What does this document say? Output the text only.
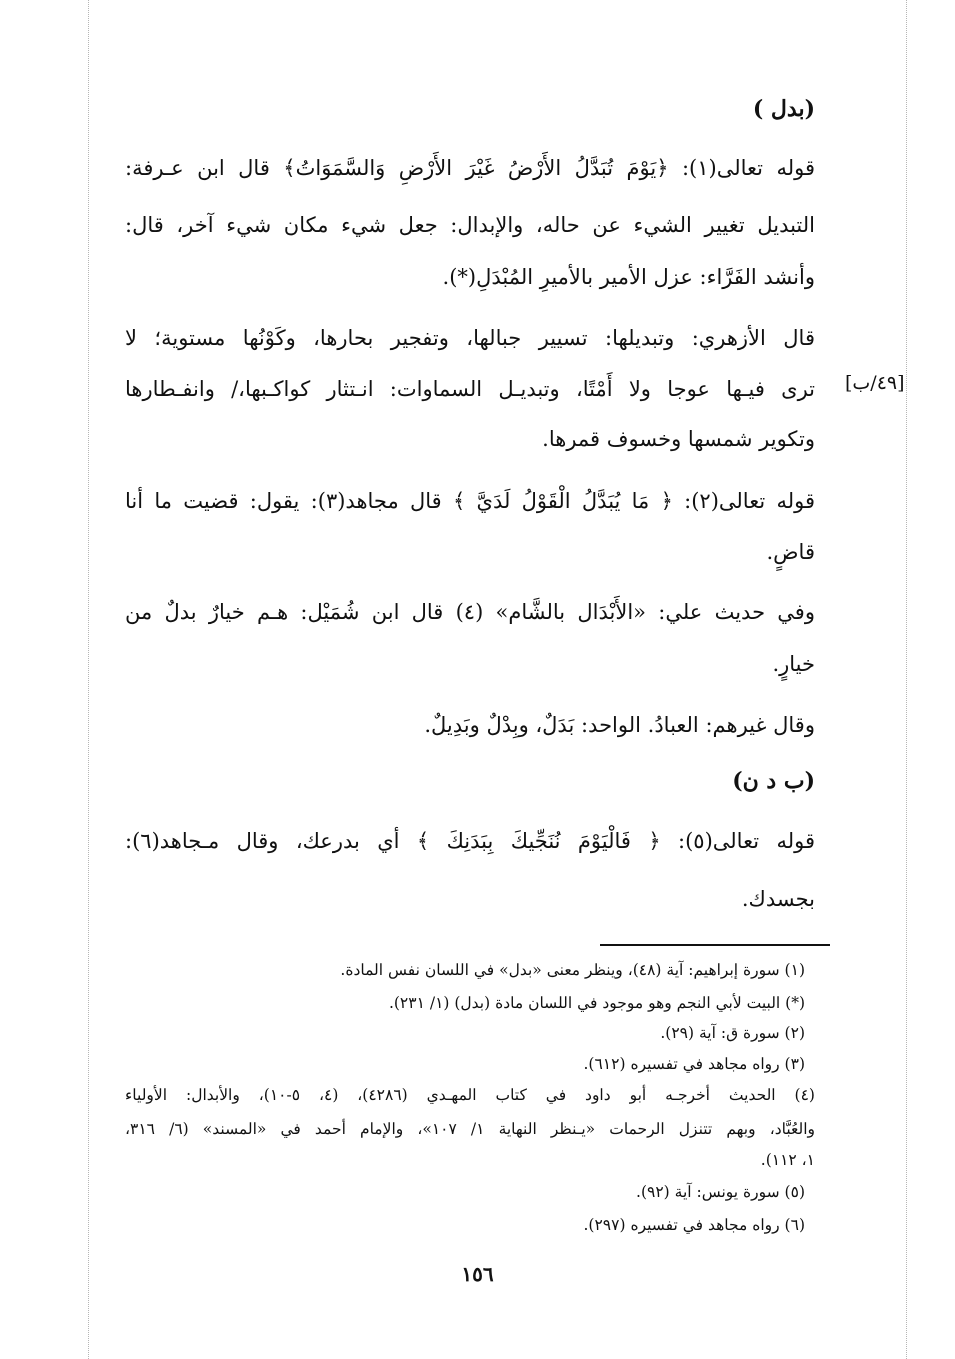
(بدل )
قوله تعالى(١): ﴿يَوْمَ تُبَدَّلُ الأَرْضُ غَيْرَ الأَرْضِ وَالسَّمَوَاتُ﴾ قال ابن عـرفة:
التبديل تغيير الشيء عن حاله، والإبدال: جعل شيء مكان شيء آخر، قال:
وأنشد الفَرَّاء: عزل الأمير بالأميرِ المُبْدَلِ(*).
قال الأزهري: وتبديلها: تسيير جبالها، وتفجير بحارها، وكَوْنُها مستوية؛ لا
ترى فيـها عوجا ولا أَمْتًا، وتبديـل السماوات: انـتثار كواكـبها،/ وانفـطارها
وتكوير شمسها وخسوف قمرها.
[٤٩/ب]
قوله تعالى(٢): ﴿ مَا يُبَدَّلُ الْقَوْلُ لَدَيَّ ﴾ قال مجاهد(٣): يقول: قضيت ما أنا
قاضٍ.
وفي حديث علي: «الأَبْدَال بالشَّام» (٤) قال ابن شُمَيْل: هـم خيارٌ بدلٌ من
خيارٍ.
وقال غيرهم: العبادُ. الواحد: بَدَلٌ، وبِدْلٌ وبَدِيلٌ.
(ب د ن)
قوله تعالى(٥): ﴿ فَالْيَوْمَ نُنَجِّيكَ بِبَدَنِكَ ﴾ أي بدرعك، وقال مـجاهد(٦):
بجسدك.
(١) سورة إبراهيم: آية (٤٨)، وينظر معنى «بدل» في اللسان نفس المادة.
(*) البيت لأبي النجم وهو موجود في اللسان مادة (بدل) (١/ ٢٣١).
(٢) سورة ق: آية (٢٩).
(٣) رواه مجاهد في تفسيره (٦١٢).
(٤) الحديث أخرجـه أبو داود في كتاب المهـدي (٤٢٨٦)، (٤، ٥-١٠)، والأبدال: الأولياء
والعُبَّاد، وبهم تتنزل الرحمات «يـنظر النهاية ١/ ١٠٧»، والإمام أحمد في «المسند» (٦/ ٣١٦،
١، ١١٢).
(٥) سورة يونس: آية (٩٢).
(٦) رواه مجاهد في تفسيره (٢٩٧).
١٥٦
